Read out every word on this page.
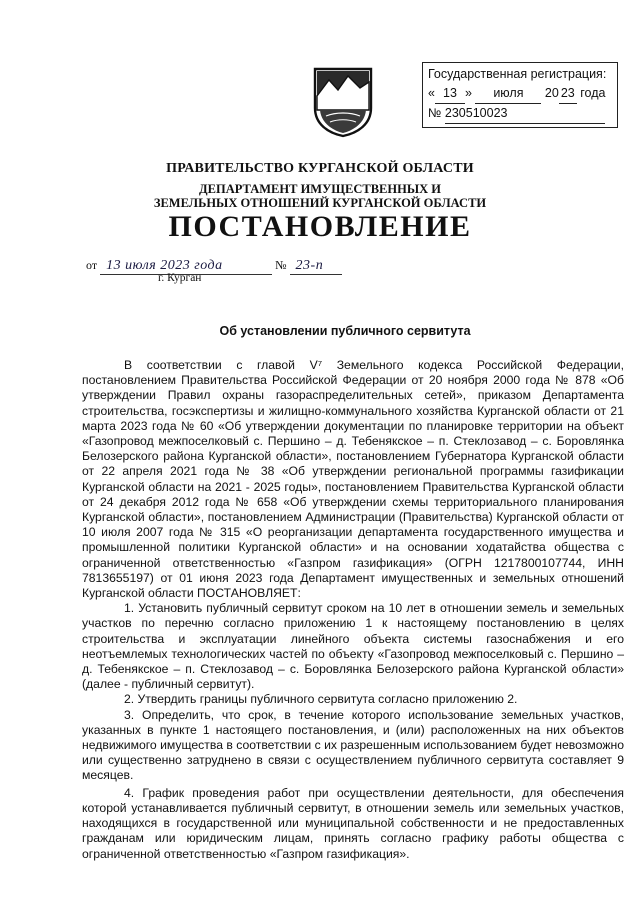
Государственная регистрация:
« 13 » июля 20 23 года
№ 230510023
ПРАВИТЕЛЬСТВО КУРГАНСКОЙ ОБЛАСТИ
ДЕПАРТАМЕНТ ИМУЩЕСТВЕННЫХ И
ЗЕМЕЛЬНЫХ ОТНОШЕНИЙ КУРГАНСКОЙ ОБЛАСТИ
ПОСТАНОВЛЕНИЕ
от 13 июля 2023 года	№ 23-п
г. Курган
Об установлении публичного сервитута

В соответствии с главой V⁷ Земельного кодекса Российской Федерации, постановлением Правительства Российской Федерации от 20 ноября 2000 года № 878 «Об утверждении Правил охраны газораспределительных сетей», приказом Департамента строительства, госэкспертизы и жилищно-коммунального хозяйства Курганской области от 21 марта 2023 года № 60 «Об утверждении документации по планировке территории на объект «Газопровод межпоселковый с. Першино – д. Тебенякское – п. Стеклозавод – с. Боровлянка Белозерского района Курганской области», постановлением Губернатора Курганской области от 22 апреля 2021 года № 38 «Об утверждении региональной программы газификации Курганской области на 2021 - 2025 годы», постановлением Правительства Курганской области от 24 декабря 2012 года № 658 «Об утверждении схемы территориального планирования Курганской области», постановлением Администрации (Правительства) Курганской области от 10 июля 2007 года № 315 «О реорганизации департамента государственного имущества и промышленной политики Курганской области» и на основании ходатайства общества с ограниченной ответственностью «Газпром газификация» (ОГРН 1217800107744, ИНН 7813655197) от 01 июня 2023 года Департамент имущественных и земельных отношений Курганской области ПОСТАНОВЛЯЕТ:

1. Установить публичный сервитут сроком на 10 лет в отношении земель и земельных участков по перечню согласно приложению 1 к настоящему постановлению в целях строительства и эксплуатации линейного объекта системы газоснабжения и его неотъемлемых технологических частей по объекту «Газопровод межпоселковый с. Першино – д. Тебенякское – п. Стеклозавод – с. Боровлянка Белозерского района Курганской области» (далее - публичный сервитут).

2. Утвердить границы публичного сервитута согласно приложению 2.

3. Определить, что срок, в течение которого использование земельных участков, указанных в пункте 1 настоящего постановления, и (или) расположенных на них объектов недвижимого имущества в соответствии с их разрешенным использованием будет невозможно или существенно затруднено в связи с осуществлением публичного сервитута составляет 9 месяцев.

4. График проведения работ при осуществлении деятельности, для обеспечения которой устанавливается публичный сервитут, в отношении земель или земельных участков, находящихся в государственной или муниципальной собственности и не предоставленных гражданам или юридическим лицам, принять согласно графику работы общества с ограниченной ответственностью «Газпром газификация».
